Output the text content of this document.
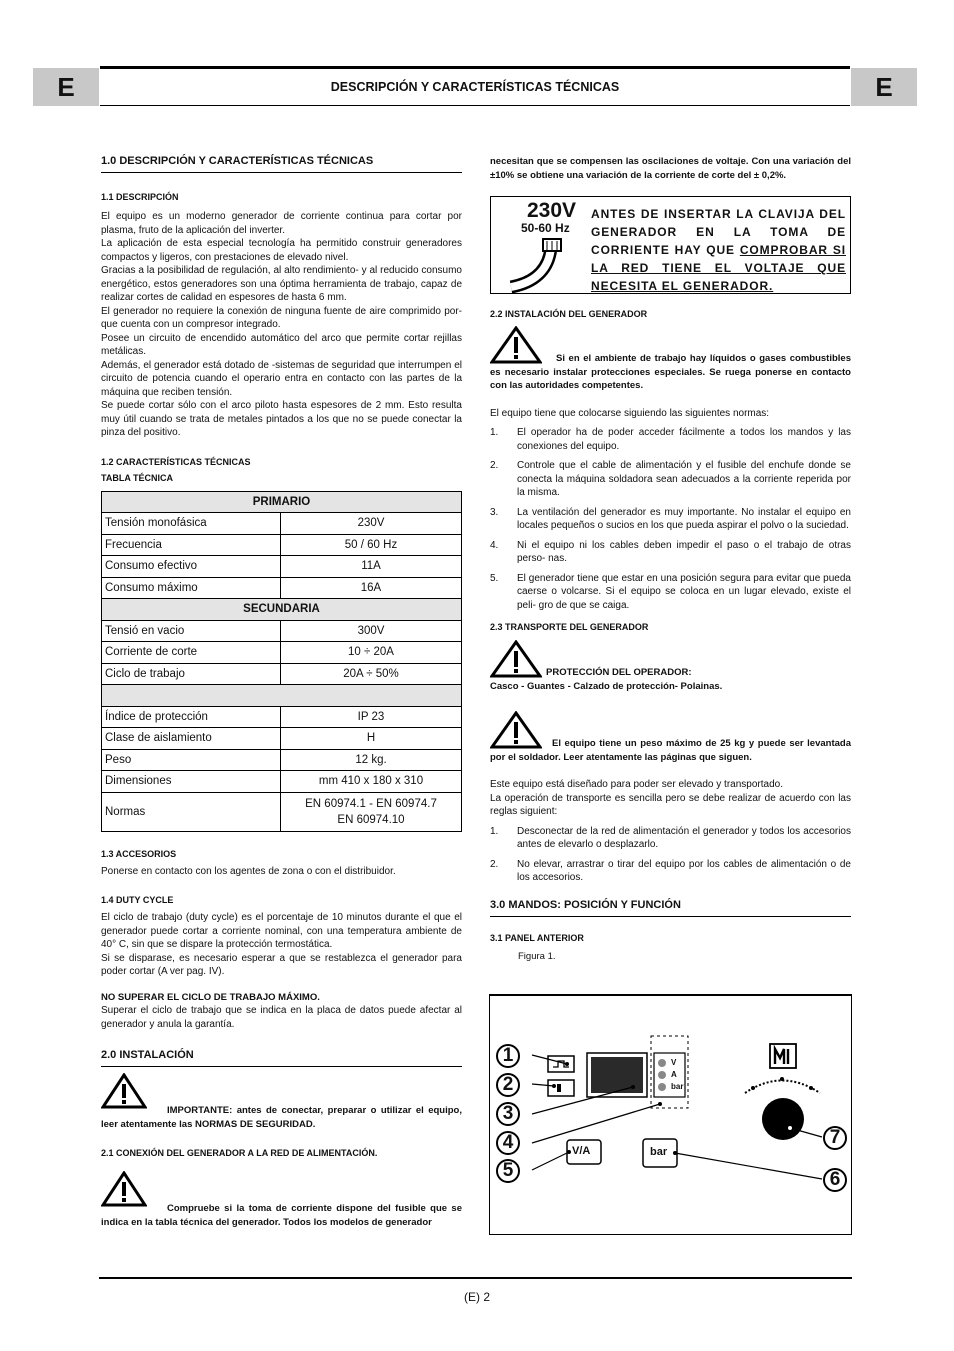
E	DESCRIPCIÓN Y CARACTERÍSTICAS TÉCNICAS	E
1.0 DESCRIPCIÓN Y CARACTERÍSTICAS TÉCNICAS
1.1 DESCRIPCIÓN
El equipo es un moderno generador de corriente continua para cortar por plasma, fruto de la aplicación del inverter.
La aplicación de esta especial tecnología ha permitido construir generadores compactos y ligeros, con prestaciones de elevado nivel.
Gracias a la posibilidad de regulación, al alto rendimiento- y al reducido consumo energético, estos generadores son una óptima herramienta de trabajo, capaz de realizar cortes de calidad en espesores de hasta 6 mm.
El generador no requiere la conexión de ninguna fuente de aire comprimido por- que cuenta con un compresor integrado.
Posee un circuito de encendido automático del arco que permite cortar rejillas metálicas.
Además, el generador está dotado de -sistemas de seguridad que interrumpen el circuito de potencia cuando el operario entra en contacto con las partes de la máquina que reciben tensión.
Se puede cortar sólo con el arco piloto hasta espesores de 2 mm. Esto resulta muy útil cuando se trata de metales pintados a los que no se puede conectar la pinza del positivo.
1.2 CARACTERÍSTICAS TÉCNICAS
TABLA TÉCNICA
PRIMARIO	
Tensión monofásica	230V
Frecuencia	50 / 60 Hz
Consumo efectivo	11A
Consumo máximo	16A
SECUNDARIA	
Tensió en vacio	300V
Corriente de corte	10 ÷ 20A
Ciclo de trabajo	20A ÷ 50%

Índice de protección	IP 23
Clase de aislamiento	H
Peso	12 kg.
Dimensiones	mm 410 x 180 x 310
Normas	EN 60974.1 - EN 60974.7
EN 60974.10
1.3 ACCESORIOS
Ponerse en contacto con los agentes de zona o con el distribuidor.
1.4 DUTY CYCLE
El ciclo de trabajo (duty cycle) es el porcentaje de 10 minutos durante el que el generador puede cortar a corriente nominal, con una temperatura ambiente de 40° C, sin que se dispare la protección termostática.
Si se disparase, es necesario esperar a que se restablezca el generador para poder cortar (A ver pag. IV).
NO SUPERAR EL CICLO DE TRABAJO MÁXIMO.
Superar el ciclo de trabajo que se indica en la placa de datos puede afectar al generador y anula la garantía.
2.0 INSTALACIÓN
IMPORTANTE: antes de conectar, preparar o utilizar el equipo, leer atentamente las NORMAS DE SEGURIDAD.
2.1 CONEXIÓN DEL GENERADOR A LA RED DE ALIMENTACIÓN.
Compruebe si la toma de corriente dispone del fusible que se indica en la tabla técnica del generador. Todos los modelos de generador
necesitan que se compensen las oscilaciones de voltaje. Con una variación del ±10% se obtiene una variación de la corriente de corte del ± 0,2%.
230V
50-60 Hz
ANTES DE INSERTAR LA CLAVIJA DEL GENERADOR EN LA TOMA DE CORRIENTE HAY QUE COMPROBAR SI LA RED TIENE EL VOLTAJE QUE NECESITA EL GENERADOR.
2.2 INSTALACIÓN DEL GENERADOR
Si en el ambiente de trabajo hay líquidos o gases combustibles es necesario instalar protecciones especiales. Se ruega ponerse en contacto con las autoridades competentes.
El equipo tiene que colocarse siguiendo las siguientes normas:
1.	El operador ha de poder acceder fácilmente a todos los mandos y las conexiones del equipo.
2.	Controle que el cable de alimentación y el fusible del enchufe donde se conecta la máquina soldadora sean adecuados a la corriente reperida por la misma.
3.	La ventilación del generador es muy importante. No instalar el equipo en locales pequeños o sucios en los que pueda aspirar el polvo o la suciedad.
4.	Ni el equipo ni los cables deben impedir el paso o el trabajo de otras perso- nas.
5.	El generador tiene que estar en una posición segura para evitar que pueda caerse o volcarse. Si el equipo se coloca en un lugar elevado, existe el peli- gro de que se caiga.
2.3 TRANSPORTE DEL GENERADOR
PROTECCIÓN DEL OPERADOR:
Casco - Guantes - Calzado de protección- Polainas.
El equipo tiene un peso máximo de 25 kg y puede ser levantada por el soldador. Leer atentamente las páginas que siguen.
Este equipo está diseñado para poder ser elevado y transportado.
La operación de transporte es sencilla pero se debe realizar de acuerdo con las reglas siguient:
1.	Desconectar de la red de alimentación el generador y todos los accesorios antes de elevarlo o desplazarlo.
2.	No elevar, arrastrar o tirar del equipo por los cables de alimentación o de los accesorios.
3.0 MANDOS: POSICIÓN Y FUNCIÓN
3.1 PANEL ANTERIOR
Figura 1.
V
A
bar
V/A	bar
1
2
3
4
5	6
7
(E) 2
